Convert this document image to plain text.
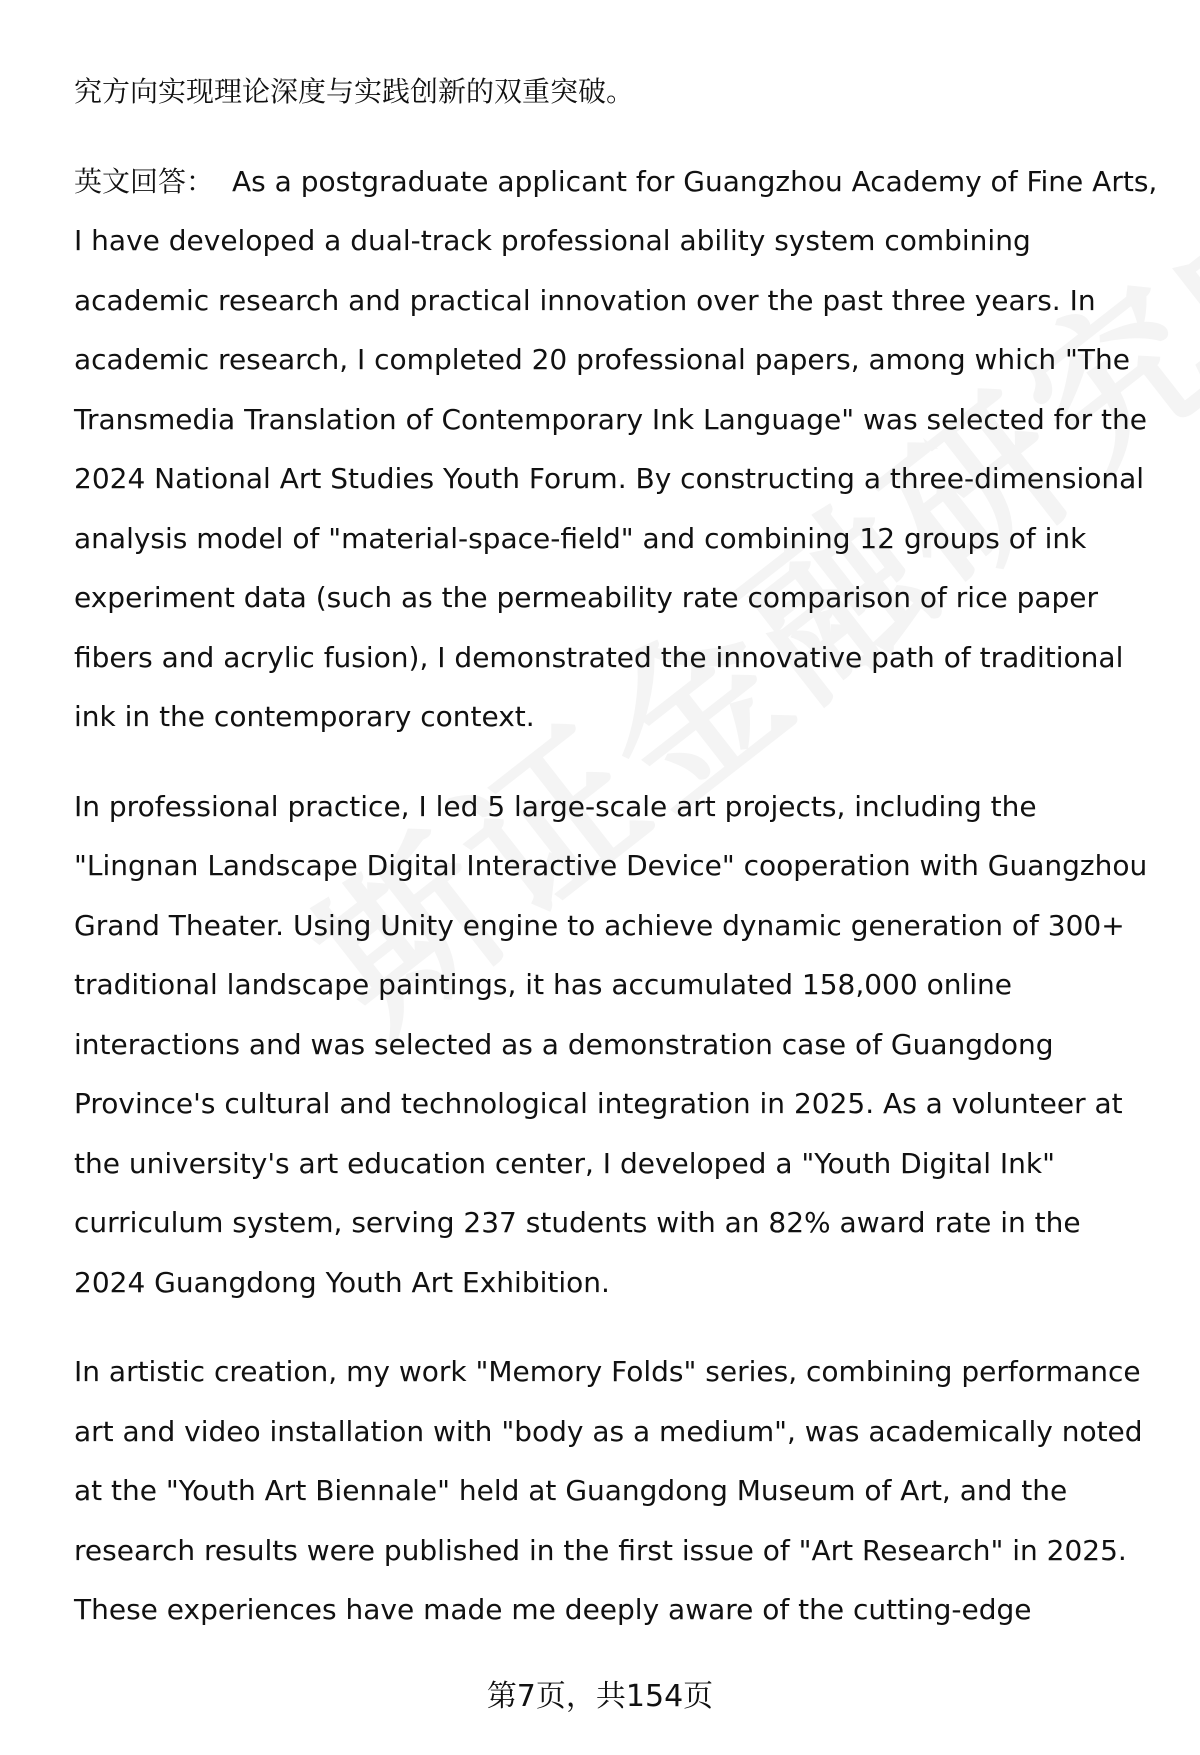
究方向实现理论深度与实践创新的双重突破。

英文回答： As a postgraduate applicant for Guangzhou Academy of Fine Arts, I have developed a dual-track professional ability system combining academic research and practical innovation over the past three years. In academic research, I completed 20 professional papers, among which "The Transmedia Translation of Contemporary Ink Language" was selected for the 2024 National Art Studies Youth Forum. By constructing a three-dimensional analysis model of "material-space-field" and combining 12 groups of ink experiment data (such as the permeability rate comparison of rice paper fibers and acrylic fusion), I demonstrated the innovative path of traditional ink in the contemporary context.

In professional practice, I led 5 large-scale art projects, including the "Lingnan Landscape Digital Interactive Device" cooperation with Guangzhou Grand Theater. Using Unity engine to achieve dynamic generation of 300+ traditional landscape paintings, it has accumulated 158,000 online interactions and was selected as a demonstration case of Guangdong Province's cultural and technological integration in 2025. As a volunteer at the university's art education center, I developed a "Youth Digital Ink" curriculum system, serving 237 students with an 82% award rate in the 2024 Guangdong Youth Art Exhibition.

In artistic creation, my work "Memory Folds" series, combining performance art and video installation with "body as a medium", was academically noted at the "Youth Art Biennale" held at Guangdong Museum of Art, and the research results were published in the first issue of "Art Research" in 2025. These experiences have made me deeply aware of the cutting-edge

第7页，共154页
